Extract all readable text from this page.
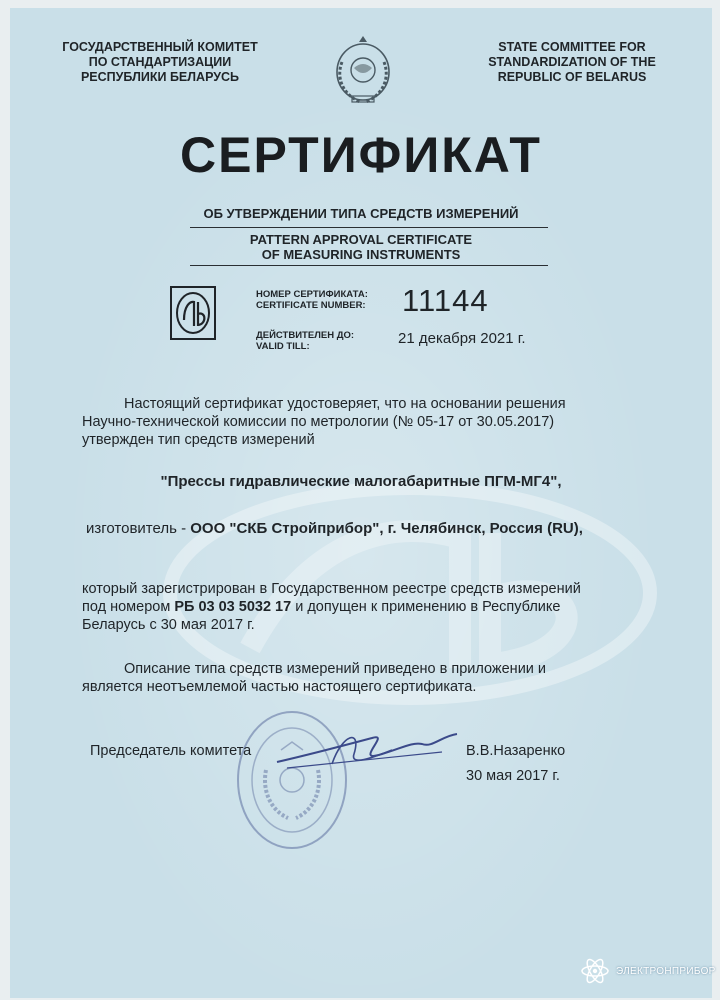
ГОСУДАРСТВЕННЫЙ КОМИТЕТ
ПО СТАНДАРТИЗАЦИИ
РЕСПУБЛИКИ БЕЛАРУСЬ
STATE COMMITTEE FOR
STANDARDIZATION OF THE
REPUBLIC OF BELARUS
СЕРТИФИКАТ
ОБ УТВЕРЖДЕНИИ ТИПА СРЕДСТВ ИЗМЕРЕНИЙ
PATTERN APPROVAL CERTIFICATE
OF MEASURING INSTRUMENTS
НОМЕР СЕРТИФИКАТА:
CERTIFICATE NUMBER: 11144
ДЕЙСТВИТЕЛЕН ДО:
VALID TILL:	21 декабря 2021 г.
Настоящий сертификат удостоверяет, что на основании решения
Научно-технической комиссии по метрологии (№ 05-17 от 30.05.2017)
утвержден тип средств измерений
"Прессы гидравлические малогабаритные ПГМ-МГ4",
изготовитель - ООО "СКБ Стройприбор", г. Челябинск, Россия (RU),
который зарегистрирован в Государственном реестре средств измерений
под номером РБ 03 03 5032 17 и допущен к применению в Республике
Беларусь с 30 мая 2017 г.
Описание типа средств измерений приведено в приложении и
является неотъемлемой частью настоящего сертификата.
Председатель комитета	В.В.Назаренко
30 мая 2017 г.
ЭЛЕКТРОНПРИБОР
